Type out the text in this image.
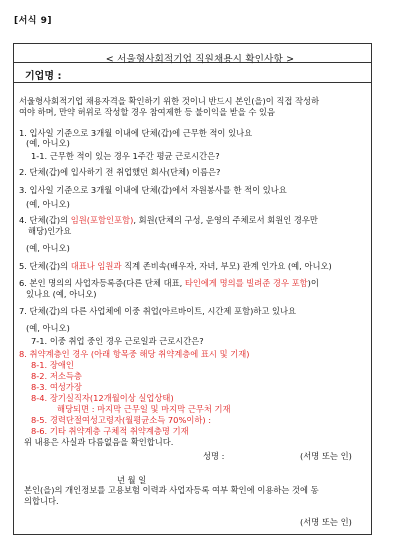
[서식 9]
< 서울형사회적기업 직원채용시 확인사항 >
기업명 :
서울형사회적기업 채용자격을 확인하기 위한 것이니 반드시 본인(을)이 직접 작성하
여야 하며, 만약 허위로 작성할 경우 참여제한 등 불이익을 받을 수 있음
1. 입사일 기준으로 3개월 이내에 단체(갑)에 근무한 적이 있나요
(예, 아니오)
1-1. 근무한 적이 있는 경우 1주간 평균 근로시간은?
2. 단체(갑)에 입사하기 전 취업했던 회사(단체) 이름은?
3. 입사일 기준으로 3개월 이내에 단체(갑)에서 자원봉사를 한 적이 있나요
(예, 아니오)
4. 단체(갑)의 임원(포함인포함), 회원(단체의 구성, 운영의 주체로서 회원인 경우만
해당)인가요
(예, 아니오)
5. 단체(갑)의 대표나 임원과 직계 존비속(배우자, 자녀, 부모) 관계 인가요 (예, 아니오)
6. 본인 명의의 사업자등록증(다른 단체 대표, 타인에게 명의를 빌려준 경우 포함)이
있나요 (예, 아니오)
7. 단체(갑)의 다른 사업체에 이중 취업(아르바이트, 시간제 포함)하고 있나요
(예, 아니오)
7-1. 이중 취업 중인 경우 근로일과 근로시간은?
8. 취약계층인 경우 (아래 항목중 해당 취약계층에 표시 및 기재)
8-1. 장애인
8-2. 저소득층
8-3. 여성가장
8-4. 장기실직자(12개월이상 실업상태)
해당되면 : 마지막 근무일 및 마지막 근무처 기재
8-5. 경력단절여성고령자(월평균소득 70%이하) :
8-6. 기타 취약계층 구체적 취약계층명 기재
위 내용은 사실과 다름없음을 확인합니다.
성명 :	(서명 또는 인)
년 월 일
본인(을)의 개인정보를 고용보험 이력과 사업자등록 여부 확인에 이용하는 것에 동
의합니다.
(서명 또는 인)
